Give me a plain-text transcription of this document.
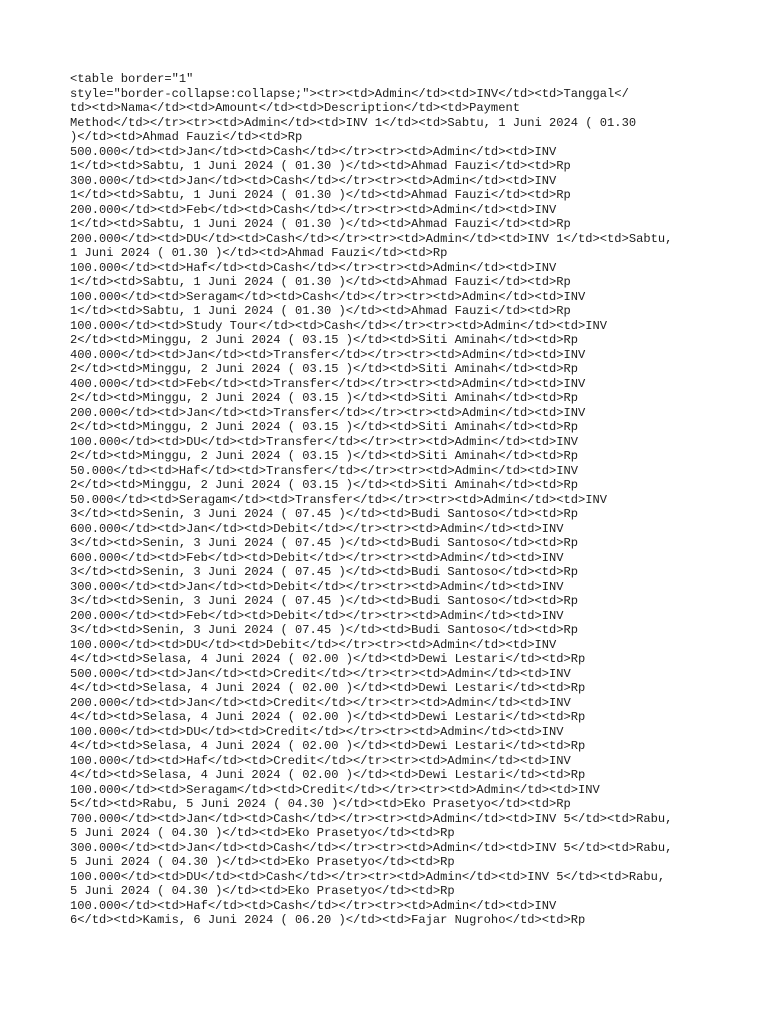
<table border="1"
style="border-collapse:collapse;"><tr><td>Admin</td><td>INV</td><td>Tanggal</
td><td>Nama</td><td>Amount</td><td>Description</td><td>Payment
Method</td></tr><tr><td>Admin</td><td>INV 1</td><td>Sabtu, 1 Juni 2024 ( 01.30
)</td><td>Ahmad Fauzi</td><td>Rp
500.000</td><td>Jan</td><td>Cash</td></tr><tr><td>Admin</td><td>INV
1</td><td>Sabtu, 1 Juni 2024 ( 01.30 )</td><td>Ahmad Fauzi</td><td>Rp
300.000</td><td>Jan</td><td>Cash</td></tr><tr><td>Admin</td><td>INV
1</td><td>Sabtu, 1 Juni 2024 ( 01.30 )</td><td>Ahmad Fauzi</td><td>Rp
200.000</td><td>Feb</td><td>Cash</td></tr><tr><td>Admin</td><td>INV
1</td><td>Sabtu, 1 Juni 2024 ( 01.30 )</td><td>Ahmad Fauzi</td><td>Rp
200.000</td><td>DU</td><td>Cash</td></tr><tr><td>Admin</td><td>INV 1</td><td>Sabtu,
1 Juni 2024 ( 01.30 )</td><td>Ahmad Fauzi</td><td>Rp
100.000</td><td>Haf</td><td>Cash</td></tr><tr><td>Admin</td><td>INV
1</td><td>Sabtu, 1 Juni 2024 ( 01.30 )</td><td>Ahmad Fauzi</td><td>Rp
100.000</td><td>Seragam</td><td>Cash</td></tr><tr><td>Admin</td><td>INV
1</td><td>Sabtu, 1 Juni 2024 ( 01.30 )</td><td>Ahmad Fauzi</td><td>Rp
100.000</td><td>Study Tour</td><td>Cash</td></tr><tr><td>Admin</td><td>INV
2</td><td>Minggu, 2 Juni 2024 ( 03.15 )</td><td>Siti Aminah</td><td>Rp
400.000</td><td>Jan</td><td>Transfer</td></tr><tr><td>Admin</td><td>INV
2</td><td>Minggu, 2 Juni 2024 ( 03.15 )</td><td>Siti Aminah</td><td>Rp
400.000</td><td>Feb</td><td>Transfer</td></tr><tr><td>Admin</td><td>INV
2</td><td>Minggu, 2 Juni 2024 ( 03.15 )</td><td>Siti Aminah</td><td>Rp
200.000</td><td>Jan</td><td>Transfer</td></tr><tr><td>Admin</td><td>INV
2</td><td>Minggu, 2 Juni 2024 ( 03.15 )</td><td>Siti Aminah</td><td>Rp
100.000</td><td>DU</td><td>Transfer</td></tr><tr><td>Admin</td><td>INV
2</td><td>Minggu, 2 Juni 2024 ( 03.15 )</td><td>Siti Aminah</td><td>Rp
50.000</td><td>Haf</td><td>Transfer</td></tr><tr><td>Admin</td><td>INV
2</td><td>Minggu, 2 Juni 2024 ( 03.15 )</td><td>Siti Aminah</td><td>Rp
50.000</td><td>Seragam</td><td>Transfer</td></tr><tr><td>Admin</td><td>INV
3</td><td>Senin, 3 Juni 2024 ( 07.45 )</td><td>Budi Santoso</td><td>Rp
600.000</td><td>Jan</td><td>Debit</td></tr><tr><td>Admin</td><td>INV
3</td><td>Senin, 3 Juni 2024 ( 07.45 )</td><td>Budi Santoso</td><td>Rp
600.000</td><td>Feb</td><td>Debit</td></tr><tr><td>Admin</td><td>INV
3</td><td>Senin, 3 Juni 2024 ( 07.45 )</td><td>Budi Santoso</td><td>Rp
300.000</td><td>Jan</td><td>Debit</td></tr><tr><td>Admin</td><td>INV
3</td><td>Senin, 3 Juni 2024 ( 07.45 )</td><td>Budi Santoso</td><td>Rp
200.000</td><td>Feb</td><td>Debit</td></tr><tr><td>Admin</td><td>INV
3</td><td>Senin, 3 Juni 2024 ( 07.45 )</td><td>Budi Santoso</td><td>Rp
100.000</td><td>DU</td><td>Debit</td></tr><tr><td>Admin</td><td>INV
4</td><td>Selasa, 4 Juni 2024 ( 02.00 )</td><td>Dewi Lestari</td><td>Rp
500.000</td><td>Jan</td><td>Credit</td></tr><tr><td>Admin</td><td>INV
4</td><td>Selasa, 4 Juni 2024 ( 02.00 )</td><td>Dewi Lestari</td><td>Rp
200.000</td><td>Jan</td><td>Credit</td></tr><tr><td>Admin</td><td>INV
4</td><td>Selasa, 4 Juni 2024 ( 02.00 )</td><td>Dewi Lestari</td><td>Rp
100.000</td><td>DU</td><td>Credit</td></tr><tr><td>Admin</td><td>INV
4</td><td>Selasa, 4 Juni 2024 ( 02.00 )</td><td>Dewi Lestari</td><td>Rp
100.000</td><td>Haf</td><td>Credit</td></tr><tr><td>Admin</td><td>INV
4</td><td>Selasa, 4 Juni 2024 ( 02.00 )</td><td>Dewi Lestari</td><td>Rp
100.000</td><td>Seragam</td><td>Credit</td></tr><tr><td>Admin</td><td>INV
5</td><td>Rabu, 5 Juni 2024 ( 04.30 )</td><td>Eko Prasetyo</td><td>Rp
700.000</td><td>Jan</td><td>Cash</td></tr><tr><td>Admin</td><td>INV 5</td><td>Rabu,
5 Juni 2024 ( 04.30 )</td><td>Eko Prasetyo</td><td>Rp
300.000</td><td>Jan</td><td>Cash</td></tr><tr><td>Admin</td><td>INV 5</td><td>Rabu,
5 Juni 2024 ( 04.30 )</td><td>Eko Prasetyo</td><td>Rp
100.000</td><td>DU</td><td>Cash</td></tr><tr><td>Admin</td><td>INV 5</td><td>Rabu,
5 Juni 2024 ( 04.30 )</td><td>Eko Prasetyo</td><td>Rp
100.000</td><td>Haf</td><td>Cash</td></tr><tr><td>Admin</td><td>INV
6</td><td>Kamis, 6 Juni 2024 ( 06.20 )</td><td>Fajar Nugroho</td><td>Rp
